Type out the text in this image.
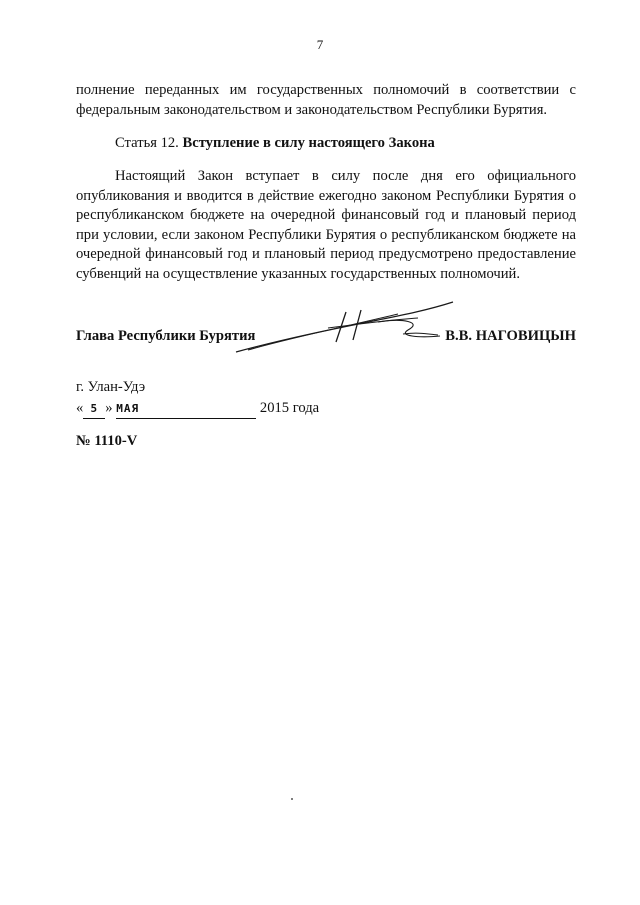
7
полнение переданных им государственных полномочий в соответствии с федеральным законодательством и законодательством Республики Бурятия.
Статья 12. Вступление в силу настоящего Закона
Настоящий Закон вступает в силу после дня его официального опубликования и вводится в действие ежегодно законом Республики Бурятия о республиканском бюджете на очередной финансовый год и плановый период при условии, если законом Республики Бурятия о республиканском бюджете на очередной финансовый год и плановый период предусмотрено предоставление субвенций на осуществление указанных государственных полномочий.
Глава Республики Бурятия	В.В. НАГОВИЦЫН
г. Улан-Удэ
« 5 » МАЯ	2015 года
№ 1110-V
